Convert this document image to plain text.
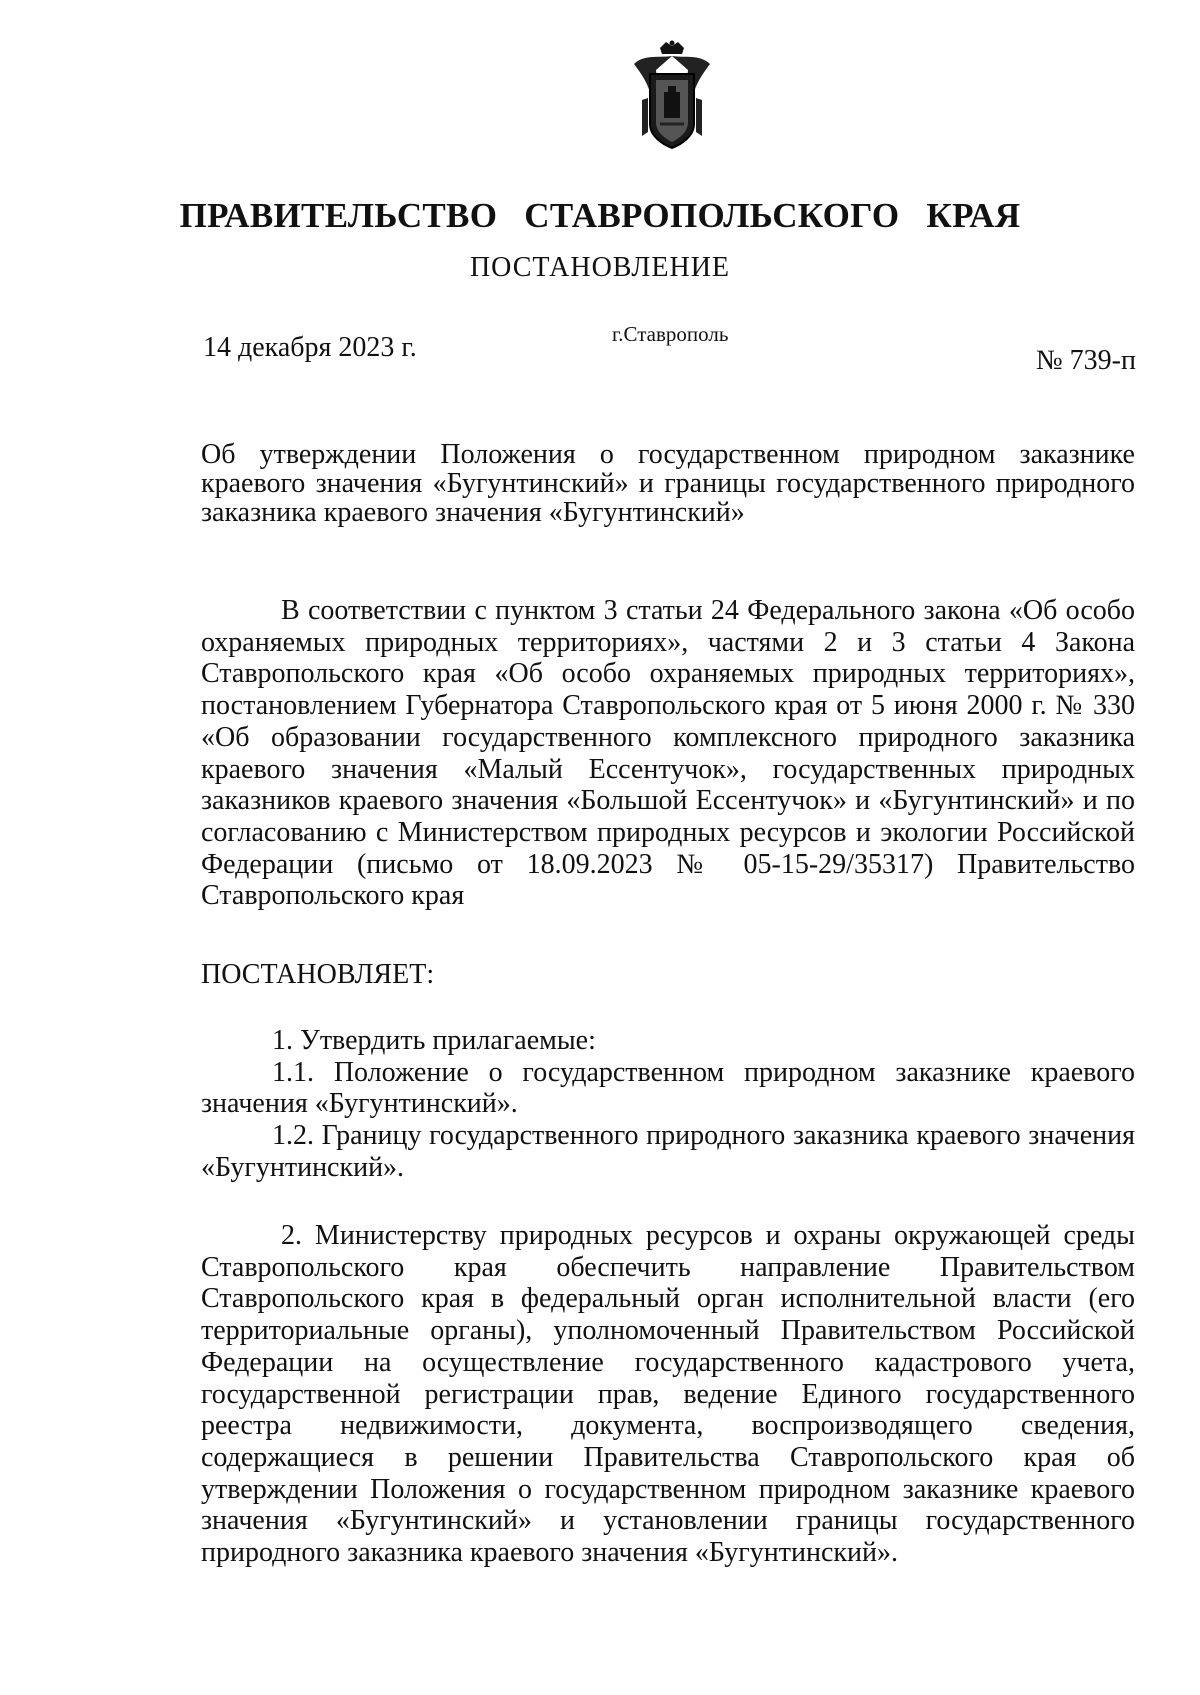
ПРАВИТЕЛЬСТВО СТАВРОПОЛЬСКОГО КРАЯ
ПОСТАНОВЛЕНИЕ
14 декабря 2023 г.	г.Ставрополь
№ 739-п
Об утверждении Положения о государственном природном заказнике краевого значения «Бугунтинский» и границы государственного природного заказника краевого значения «Бугунтинский»
В соответствии с пунктом 3 статьи 24 Федерального закона «Об особо охраняемых природных территориях», частями 2 и 3 статьи 4 Закона Ставропольского края «Об особо охраняемых природных территориях», постановлением Губернатора Ставропольского края от 5 июня 2000 г. № 330 «Об образовании государственного комплексного природного заказника краевого значения «Малый Ессентучок», государственных природных заказников краевого значения «Большой Ессентучок» и «Бугунтинский» и по согласованию с Министерством природных ресурсов и экологии Российской Федерации (письмо от 18.09.2023 № 05-15-29/35317) Правительство Ставропольского края
ПОСТАНОВЛЯЕТ:

1. Утвердить прилагаемые:

1.1. Положение о государственном природном заказнике краевого значения «Бугунтинский».

1.2. Границу государственного природного заказника краевого значения «Бугунтинский».

2. Министерству природных ресурсов и охраны окружающей среды Ставропольского края обеспечить направление Правительством Ставропольского края в федеральный орган исполнительной власти (его территориальные органы), уполномоченный Правительством Российской Федерации на осуществление государственного кадастрового учета, государственной регистрации прав, ведение Единого государственного реестра недвижимости, документа, воспроизводящего сведения, содержащиеся в решении Правительства Ставропольского края об утверждении Положения о государственном природном заказнике краевого значения «Бугунтинский» и установлении границы государственного природного заказника краевого значения «Бугунтинский».
